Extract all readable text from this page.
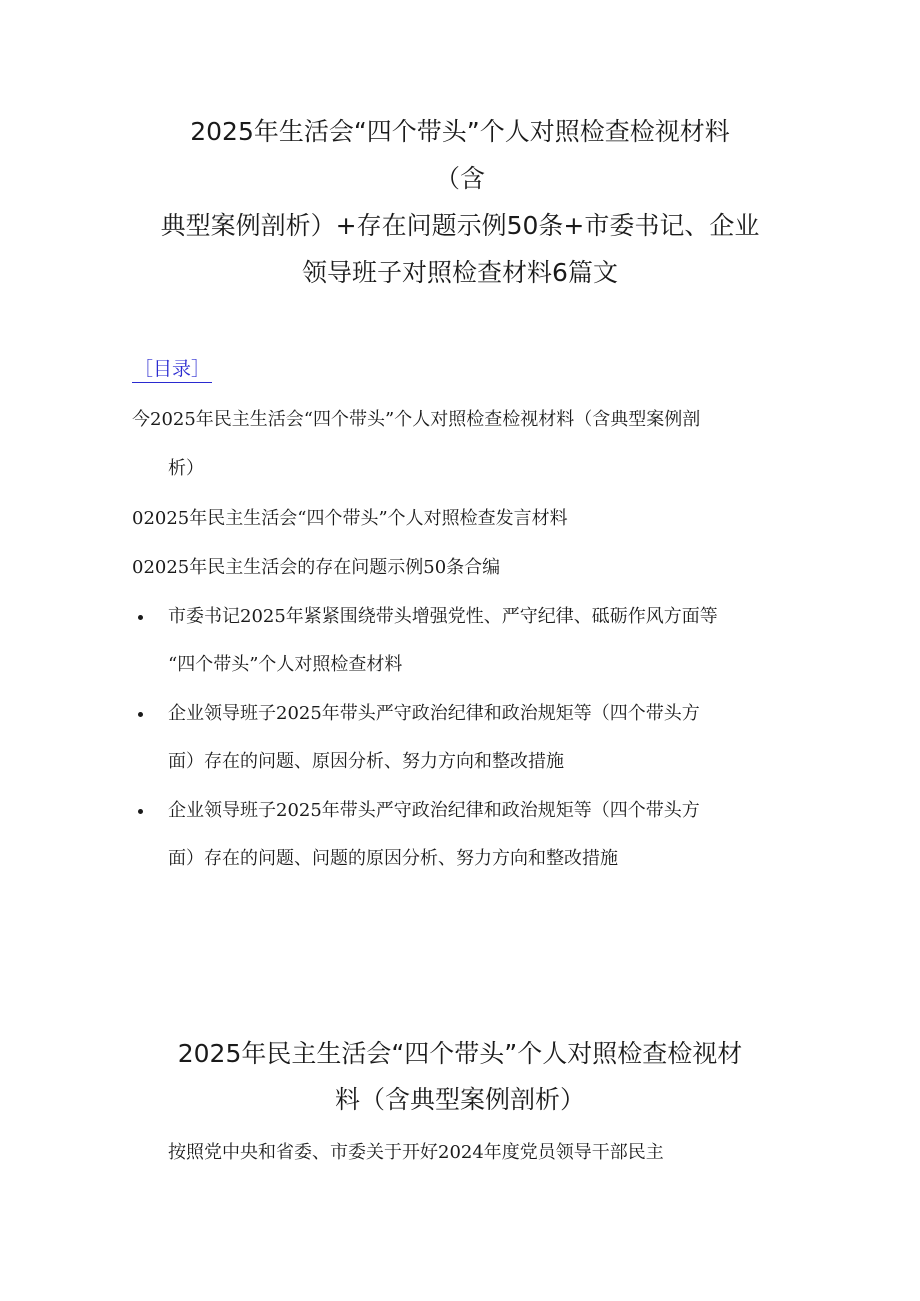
2025年生活会“四个带头”个人对照检查检视材料
（含
典型案例剖析）+存在问题示例50条+市委书记、企业
领导班子对照检查材料6篇文
［目录］
今2025年民主生活会“四个带头”个人对照检查检视材料（含典型案例剖
析）
02025年民主生活会“四个带头”个人对照检查发言材料
02025年民主生活会的存在问题示例50条合编
市委书记2025年紧紧围绕带头增强党性、严守纪律、砥砺作风方面等
“四个带头”个人对照检查材料
企业领导班子2025年带头严守政治纪律和政治规矩等（四个带头方
面）存在的问题、原因分析、努力方向和整改措施
企业领导班子2025年带头严守政治纪律和政治规矩等（四个带头方
面）存在的问题、问题的原因分析、努力方向和整改措施
2025年民主生活会“四个带头”个人对照检查检视材
料（含典型案例剖析）
按照党中央和省委、市委关于开好2024年度党员领导干部民主
